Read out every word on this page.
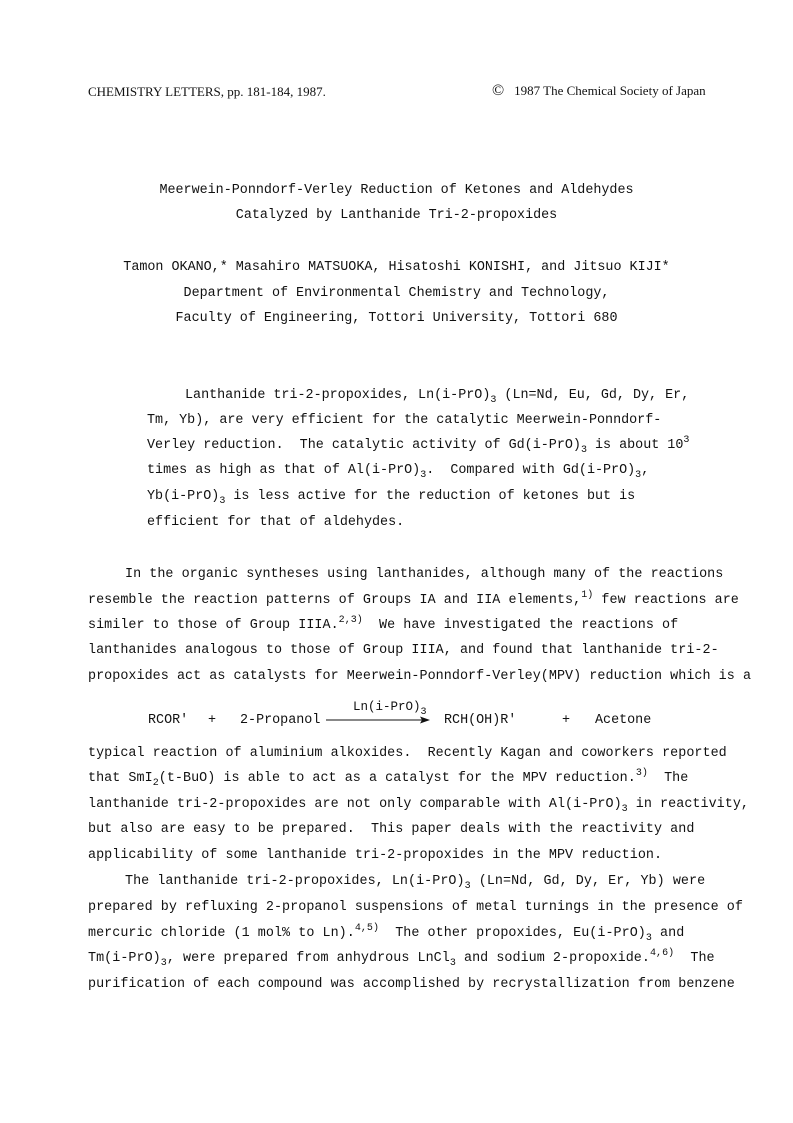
CHEMISTRY LETTERS, pp. 181-184, 1987.	© 1987 The Chemical Society of Japan
Meerwein-Ponndorf-Verley Reduction of Ketones and Aldehydes
Catalyzed by Lanthanide Tri-2-propoxides
Tamon OKANO,* Masahiro MATSUOKA, Hisatoshi KONISHI, and Jitsuo KIJI*
Department of Environmental Chemistry and Technology,
Faculty of Engineering, Tottori University, Tottori 680
Lanthanide tri-2-propoxides, $Ln(i-PrO)_3$ (Ln=Nd, Eu, Gd, Dy, Er,
Tm, Yb), are very efficient for the catalytic Meerwein-Ponndorf-
Verley reduction.  The catalytic activity of $Gd(i-PrO)_3$ is about $10^3$
times as high as that of $Al(i-PrO)_3$.  Compared with $Gd(i-PrO)_3$,
$Yb(i-PrO)_3$ is less active for the reduction of ketones but is
efficient for that of aldehydes.
In the organic syntheses using lanthanides, although many of the reactions
resemble the reaction patterns of Groups IA and IIA elements,$^{1)}$ few reactions are
similer to those of Group IIIA.$^{2,3)}$  We have investigated the reactions of
lanthanides analogous to those of Group IIIA, and found that lanthanide tri-2-
propoxides act as catalysts for Meerwein-Ponndorf-Verley(MPV) reduction which is a
RCOR' + 2-Propanol
$Ln(i-PrO)_3$
RCH(OH)R'	+ Acetone
typical reaction of aluminium alkoxides.  Recently Kagan and coworkers reported
that SmI$_2$(t-BuO) is able to act as a catalyst for the MPV reduction.$^{3)}$  The
lanthanide tri-2-propoxides are not only comparable with $Al(i-PrO)_3$ in reactivity,
but also are easy to be prepared.  This paper deals with the reactivity and
applicability of some lanthanide tri-2-propoxides in the MPV reduction.
The lanthanide tri-2-propoxides, $Ln(i-PrO)_3$ (Ln=Nd, Gd, Dy, Er, Yb) were
prepared by refluxing 2-propanol suspensions of metal turnings in the presence of
mercuric chloride (1 mol% to Ln).$^{4,5)}$  The other propoxides, $Eu(i-PrO)_3$ and
$Tm(i-PrO)_3$, were prepared from anhydrous LnCl$_3$ and sodium 2-propoxide.$^{4,6)}$  The
purification of each compound was accomplished by recrystallization from benzene
